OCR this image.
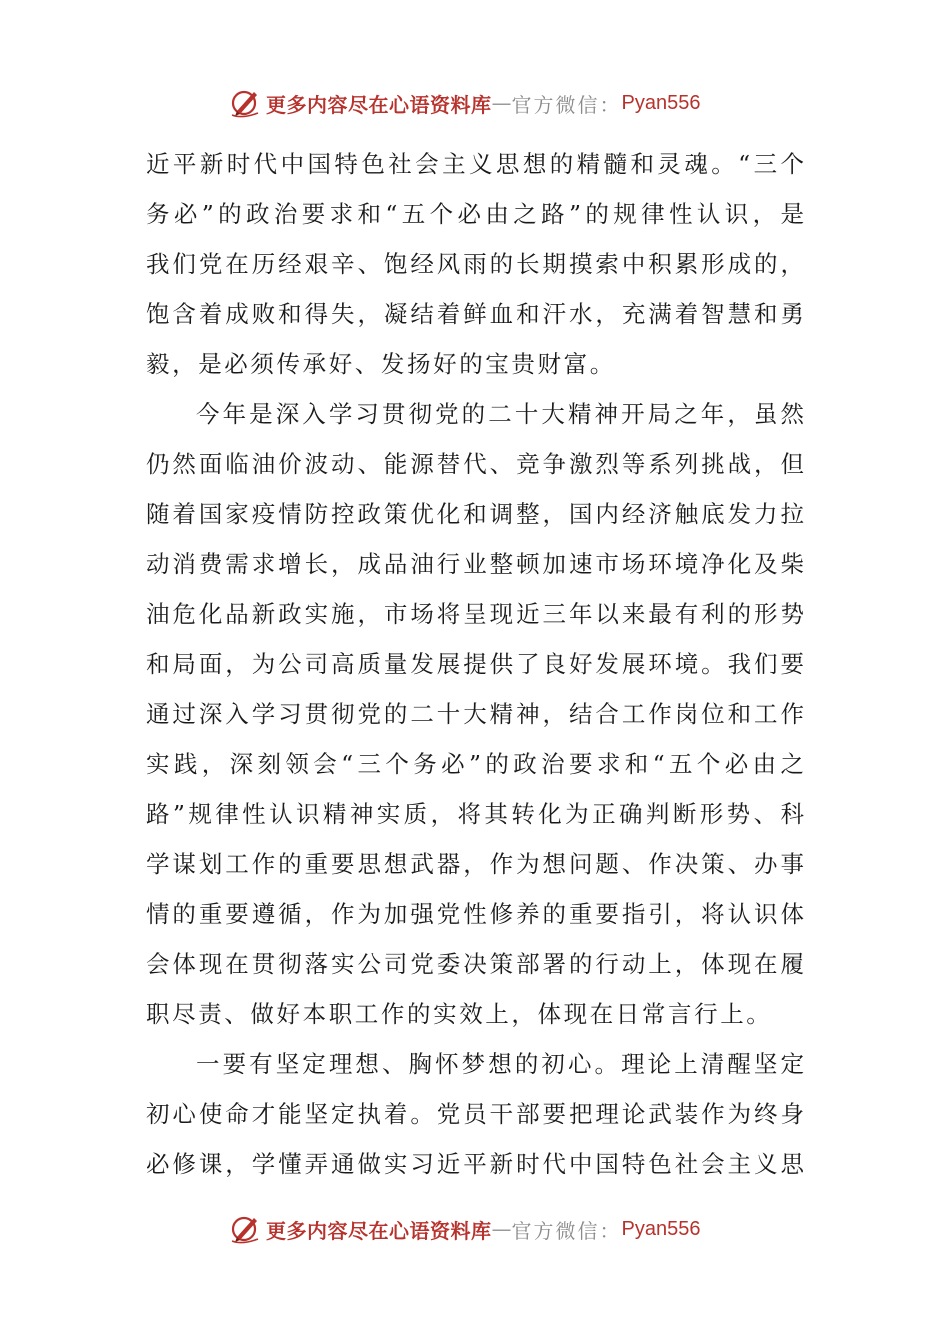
更多内容尽在心语资料库 — 官方微信： Pyan556
近平新时代中国特色社会主义思想的精髓和灵魂。“三个
务必”的政治要求和“五个必由之路”的规律性认识，是
我们党在历经艰辛、饱经风雨的长期摸索中积累形成的，
饱含着成败和得失，凝结着鲜血和汗水，充满着智慧和勇
毅，是必须传承好、发扬好的宝贵财富。
今年是深入学习贯彻党的二十大精神开局之年，虽然
仍然面临油价波动、能源替代、竞争激烈等系列挑战，但
随着国家疫情防控政策优化和调整，国内经济触底发力拉
动消费需求增长，成品油行业整顿加速市场环境净化及柴
油危化品新政实施，市场将呈现近三年以来最有利的形势
和局面，为公司高质量发展提供了良好发展环境。我们要
通过深入学习贯彻党的二十大精神，结合工作岗位和工作
实践，深刻领会“三个务必”的政治要求和“五个必由之
路”规律性认识精神实质，将其转化为正确判断形势、科
学谋划工作的重要思想武器，作为想问题、作决策、办事
情的重要遵循，作为加强党性修养的重要指引，将认识体
会体现在贯彻落实公司党委决策部署的行动上，体现在履
职尽责、做好本职工作的实效上，体现在日常言行上。
一要有坚定理想、胸怀梦想的初心。理论上清醒坚定
初心使命才能坚定执着。党员干部要把理论武装作为终身
必修课，学懂弄通做实习近平新时代中国特色社会主义思
更多内容尽在心语资料库 — 官方微信： Pyan556
